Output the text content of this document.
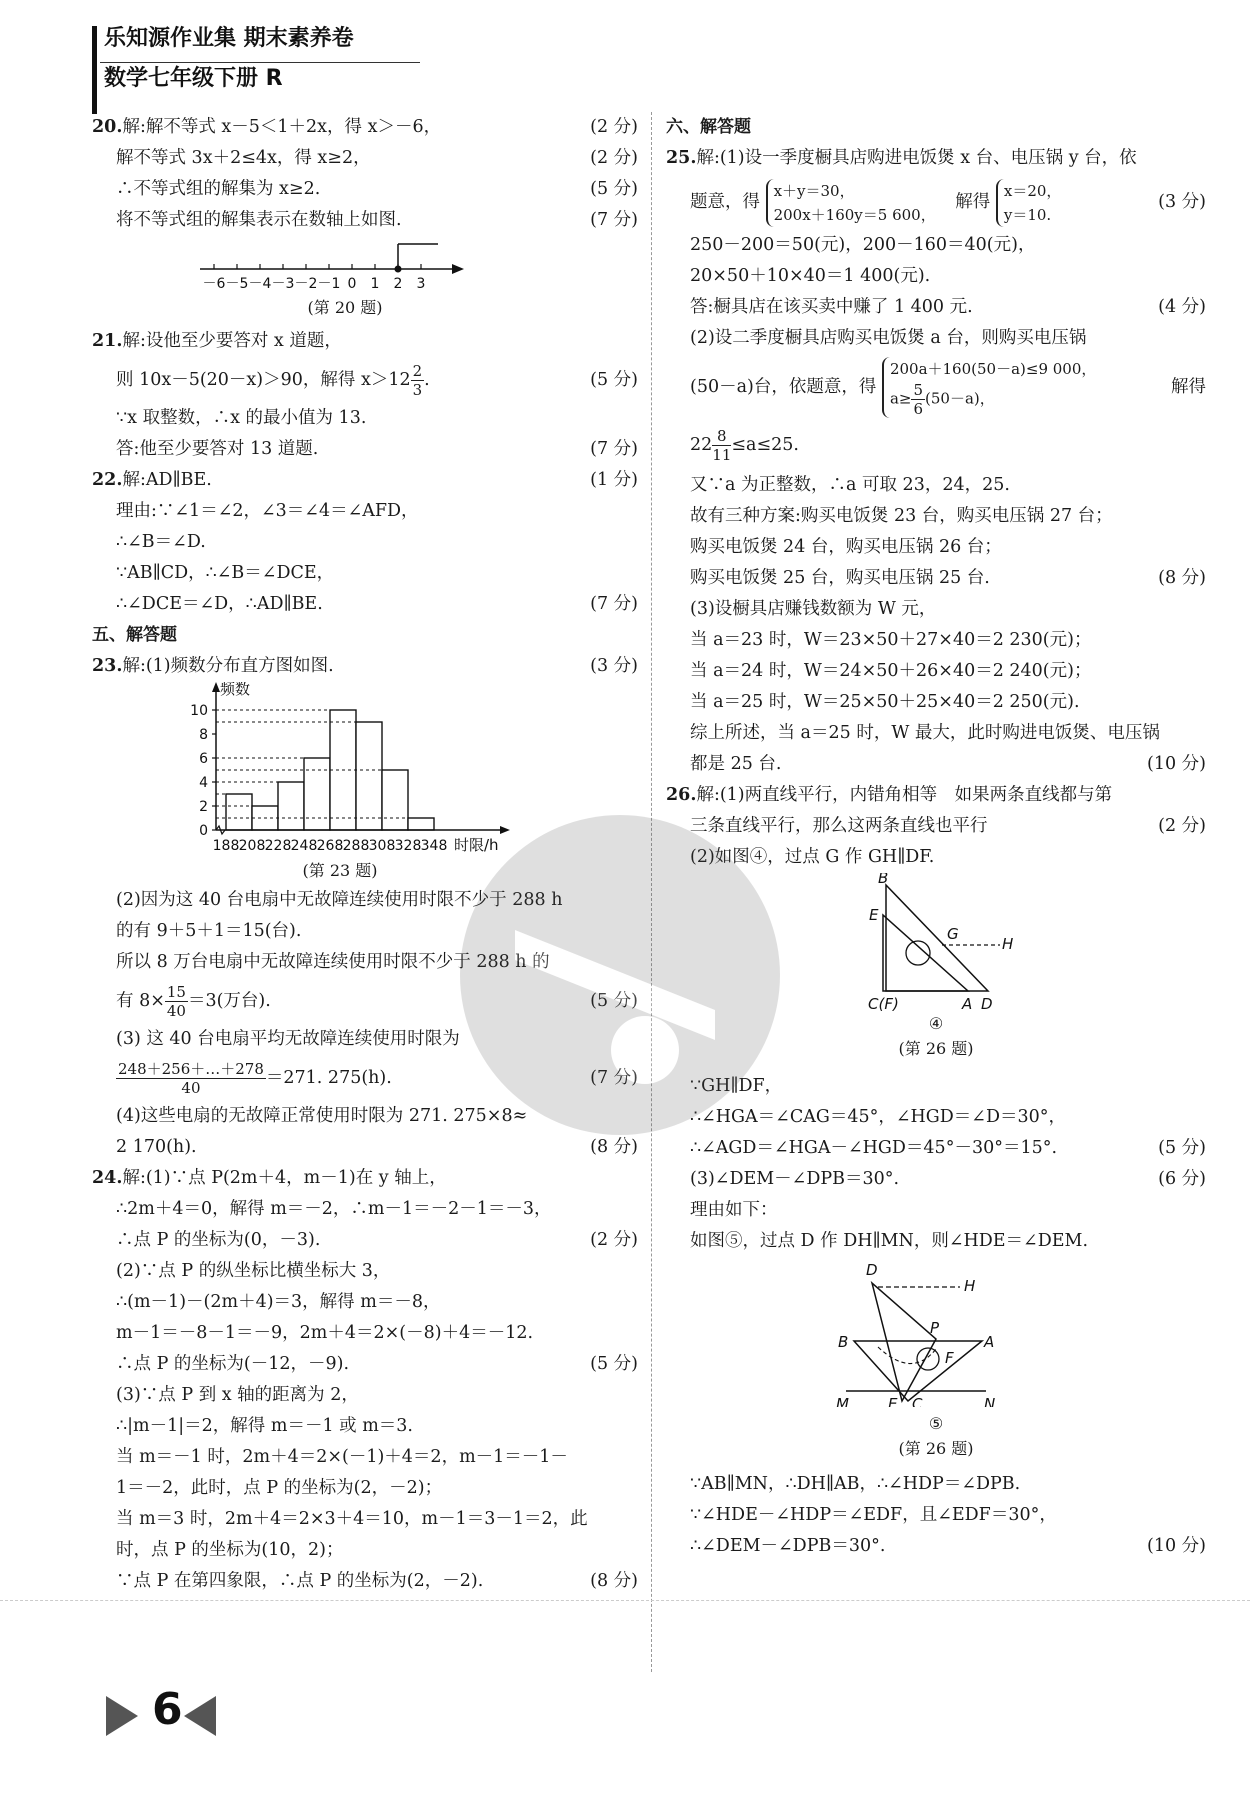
乐知源作业集 期末素养卷
数学七年级下册 R
20.解:解不等式 x－5＜1＋2x，得 x＞－6，	(2 分)
解不等式 3x＋2≤4x，得 x≥2，	(2 分)
∴不等式组的解集为 x≥2.	(5 分)
将不等式组的解集表示在数轴上如图.	(7 分)
－6 －5 －4 －3 －2 －1 0 1 2 3
(第 20 题)
21.解:设他至少要答对 x 道题，
则 10x－5(20－x)＞90，解得 $x>12 \frac{2}{3}$ .	(5 分)
∵x 取整数，∴x 的最小值为 13.
答:他至少要答对 13 道题.	(7 分)
22.解:AD∥BE.	(1 分)
理由:∵∠1＝∠2，∠3＝∠4＝∠AFD，
∴∠B＝∠D.
∵AB∥CD，∴∠B＝∠DCE，
∴∠DCE＝∠D，∴AD∥BE.	(7 分)
五、解答题
23.解:(1)频数分布直方图如图.	(3 分)
0
2
4
6
8
10
188 208 228 248 268 288 308 328 348
频数
时限/h
(第 23 题)
(2)因为这 40 台电扇中无故障连续使用时限不少于 288 h
的有 9＋5＋1＝15(台).
所以 8 万台电扇中无故障连续使用时限不少于 288 h 的
有 $8\times \frac{15}{40} =3$(万台).	(5 分)
(3) 这 40 台电扇平均无故障连续使用时限为
$\frac{248+256+\dots+278}{40} =271$. 275(h).	(7 分)
(4)这些电扇的无故障正常使用时限为 271. 275×8≈
2 170(h).	(8 分)
24.解:(1)∵点 P(2m＋4，m－1)在 y 轴上，
∴2m＋4＝0，解得 m＝－2，∴m－1＝－2－1＝－3，
∴点 P 的坐标为(0，－3).	(2 分)
(2)∵点 P 的纵坐标比横坐标大 3，
∴(m－1)－(2m＋4)＝3，解得 m＝－8，
m－1＝－8－1＝－9，2m＋4＝2×(－8)＋4＝－12.
∴点 P 的坐标为(－12，－9).	(5 分)
(3)∵点 P 到 x 轴的距离为 2，
∴|m－1|＝2，解得 m＝－1 或 m＝3.
当 m＝－1 时，2m＋4＝2×(－1)＋4＝2，m－1＝－1－
1＝－2，此时，点 P 的坐标为(2，－2)；
当 m＝3 时，2m＋4＝2×3＋4＝10，m－1＝3－1＝2，此
时，点 P 的坐标为(10，2)；
∵点 P 在第四象限，∴点 P 的坐标为(2，－2).	(8 分)
六、解答题
25.解:(1)设一季度橱具店购进电饭煲 x 台、电压锅 y 台，依
题意，得
x＋y＝30，
200x＋160y＝5 600，
解得
x＝20，
y＝10.
(3 分)
250－200＝50(元)，200－160＝40(元)，
20×50＋10×40＝1 400(元).
答:橱具店在该买卖中赚了 1 400 元.	(4 分)
(2)设二季度橱具店购买电饭煲 a 台，则购买电压锅
(50－a)台，依题意，得
200a＋160(50－a)≤9 000，
$a\ge \frac{5}{6} (50-a)$，
解得
$22 \frac{8}{11} \le a\le 25$.
又∵a 为正整数，∴a 可取 23，24，25.
故有三种方案:购买电饭煲 23 台，购买电压锅 27 台；
购买电饭煲 24 台，购买电压锅 26 台；
购买电饭煲 25 台，购买电压锅 25 台.	(8 分)
(3)设橱具店赚钱数额为 W 元，
当 a＝23 时，W＝23×50＋27×40＝2 230(元)；
当 a＝24 时，W＝24×50＋26×40＝2 240(元)；
当 a＝25 时，W＝25×50＋25×40＝2 250(元).
综上所述，当 a＝25 时，W 最大，此时购进电饭煲、电压锅
都是 25 台.	(10 分)
26.解:(1)两直线平行，内错角相等　如果两条直线都与第
三条直线平行，那么这两条直线也平行	(2 分)
(2)如图④，过点 G 作 GH∥DF.
B
E
G
H
C(F)	A D
④
(第 26 题)
∵GH∥DF，
∴∠HGA＝∠CAG＝45°，∠HGD＝∠D＝30°，
∴∠AGD＝∠HGA－∠HGD＝45°－30°＝15°.	(5 分)
(3)∠DEM－∠DPB＝30°.	(6 分)
理由如下：
如图⑤，过点 D 作 DH∥MN，则∠HDE＝∠DEM.
D
H
B
P
A
F
M	E C	N
⑤
(第 26 题)
∵AB∥MN，∴DH∥AB，∴∠HDP＝∠DPB.
∵∠HDE－∠HDP＝∠EDF，且∠EDF＝30°，
∴∠DEM－∠DPB＝30°.	(10 分)
6
